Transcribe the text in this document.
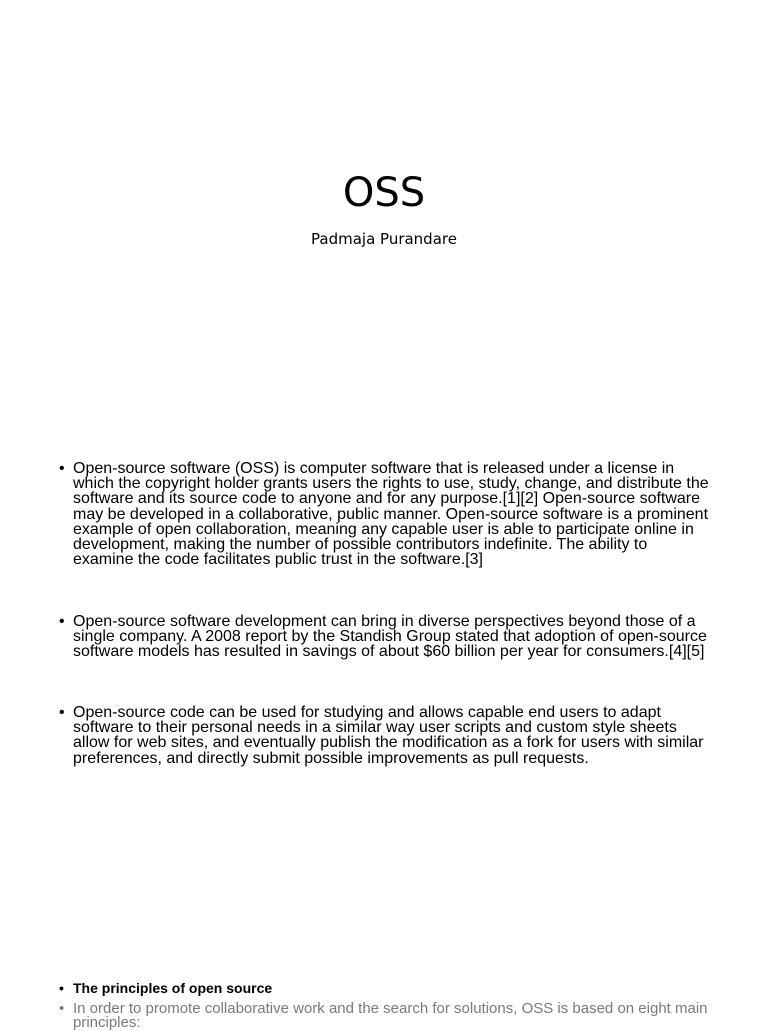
OSS
Padmaja Purandare
• Open-source software (OSS) is computer software that is released under a license in which the copyright holder grants users the rights to use, study, change, and distribute the software and its source code to anyone and for any purpose.[1][2] Open-source software may be developed in a collaborative, public manner. Open-source software is a prominent example of open collaboration, meaning any capable user is able to participate online in development, making the number of possible contributors indefinite. The ability to examine the code facilitates public trust in the software.[3]
• Open-source software development can bring in diverse perspectives beyond those of a single company. A 2008 report by the Standish Group stated that adoption of open-source software models has resulted in savings of about $60 billion per year for consumers.[4][5]
• Open-source code can be used for studying and allows capable end users to adapt software to their personal needs in a similar way user scripts and custom style sheets allow for web sites, and eventually publish the modification as a fork for users with similar preferences, and directly submit possible improvements as pull requests.
• The principles of open source
• In order to promote collaborative work and the search for solutions, OSS is based on eight main principles:
